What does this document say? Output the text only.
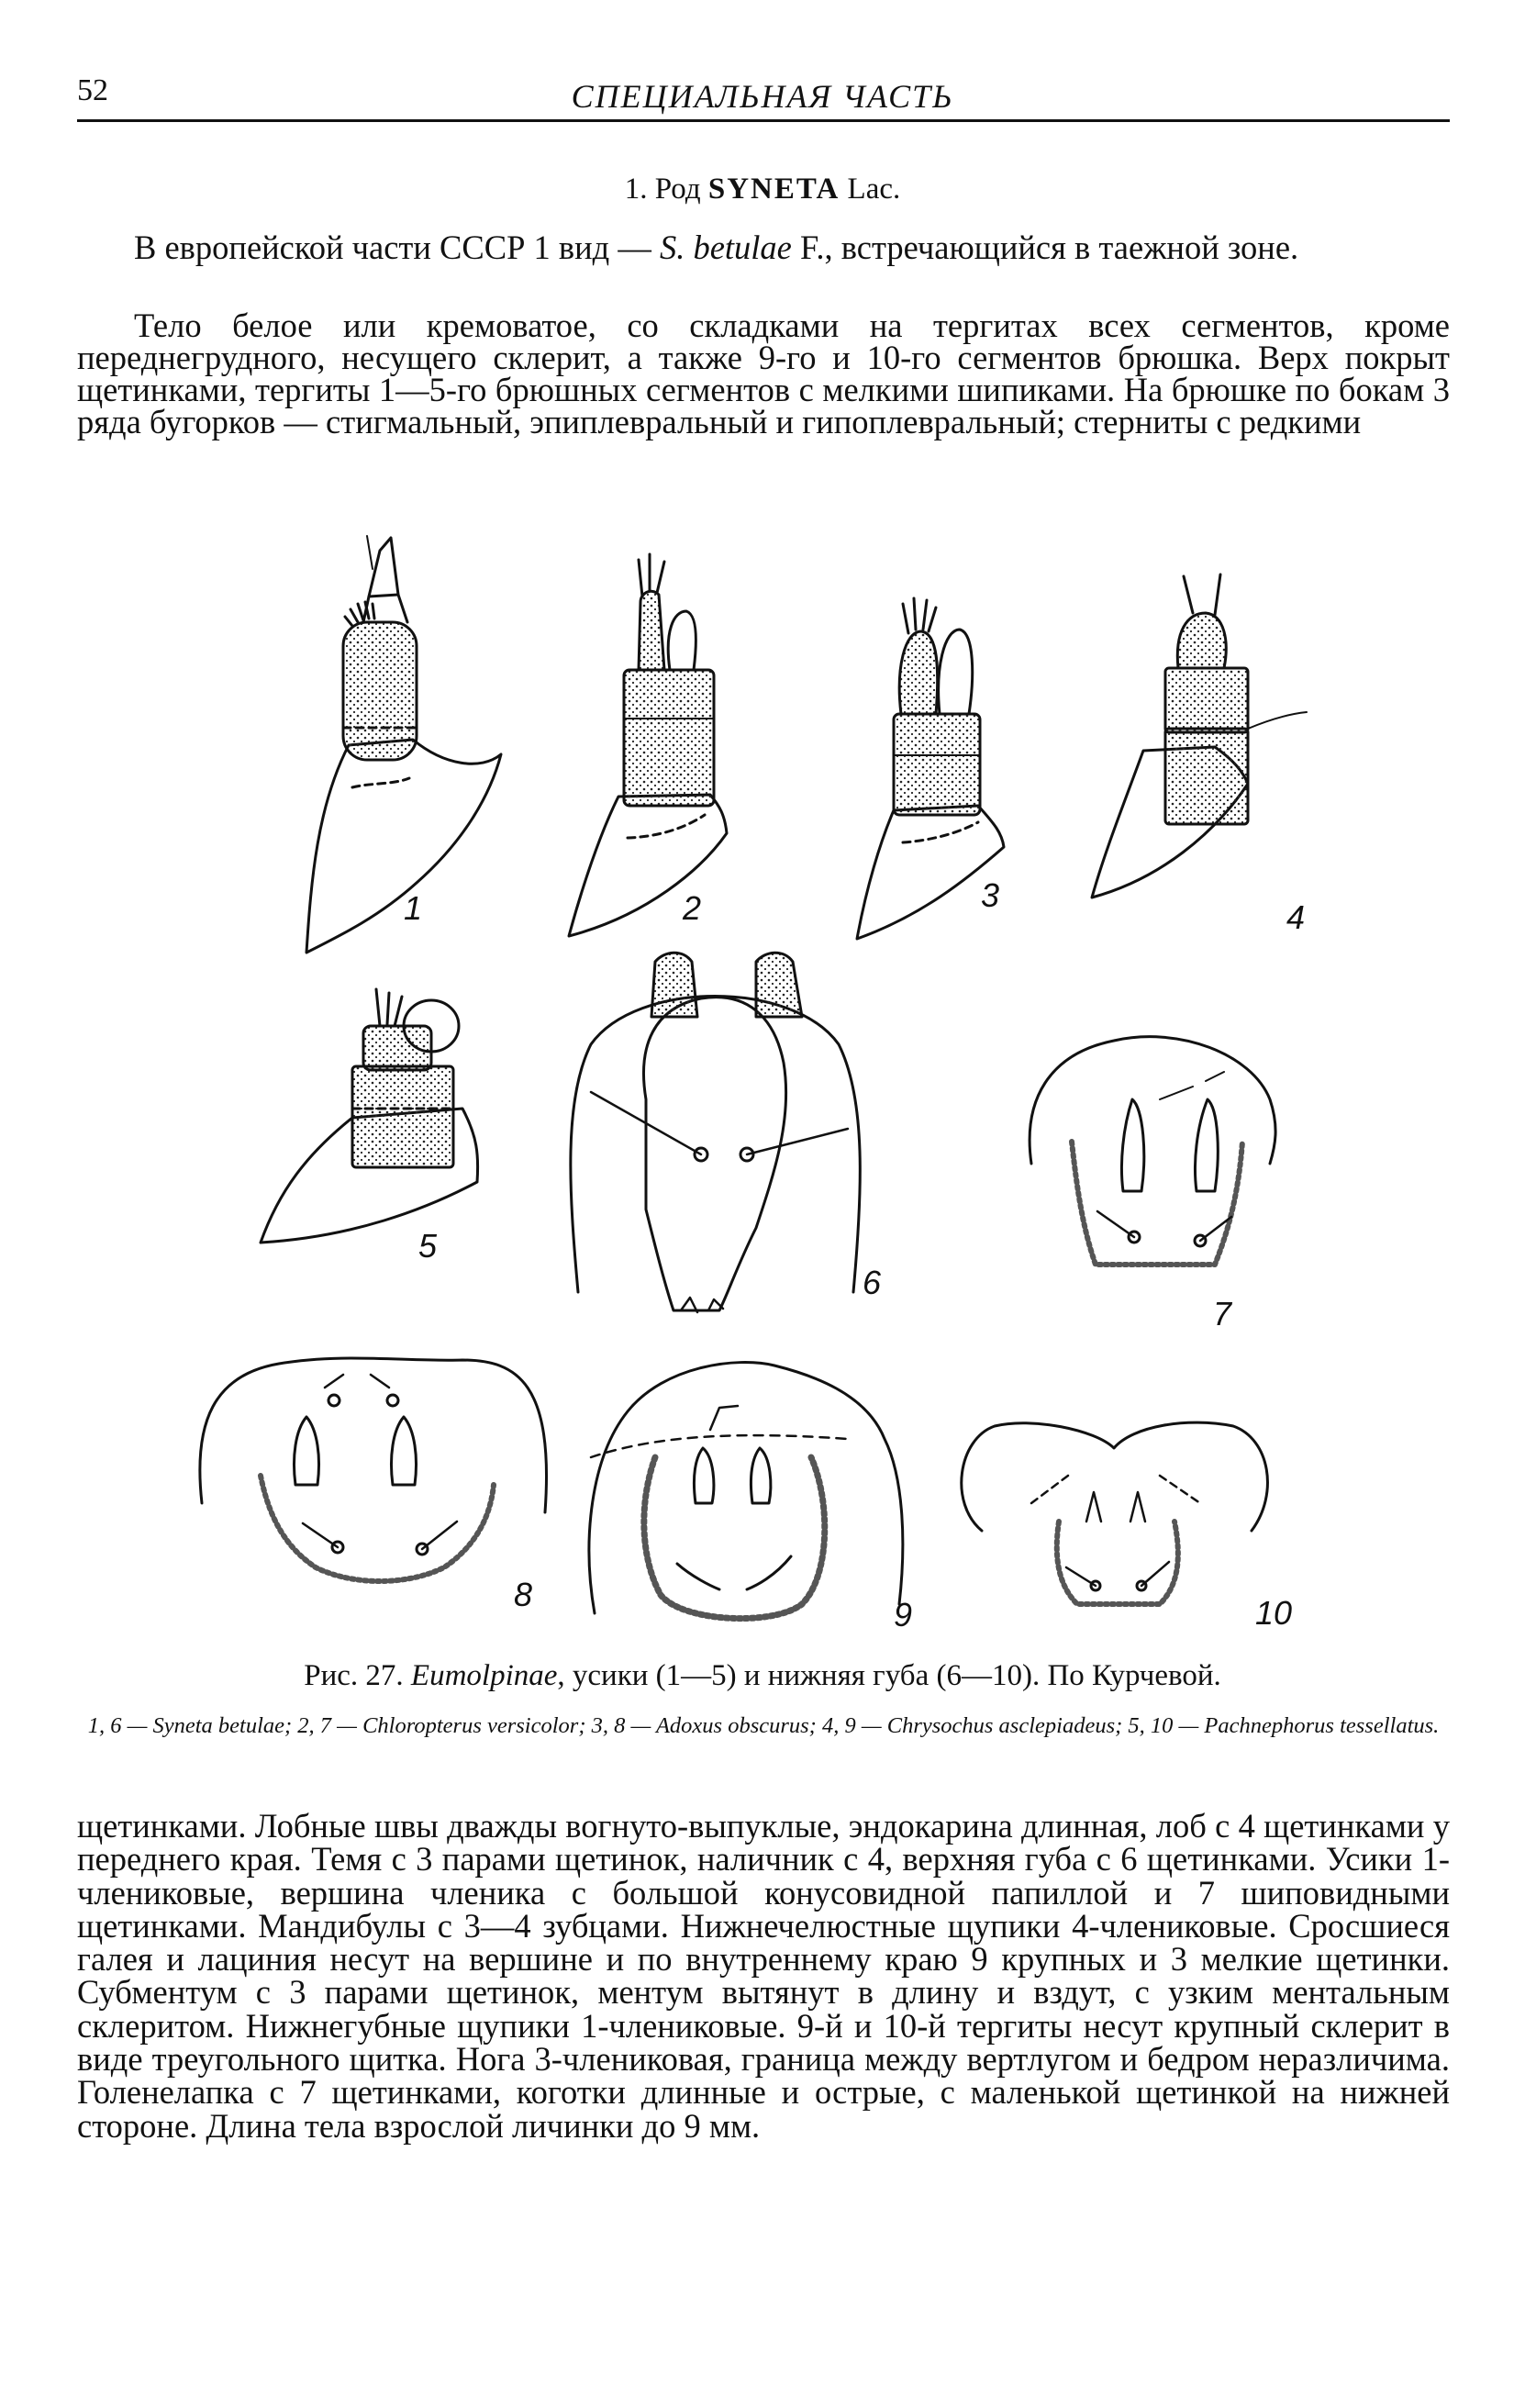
52	СПЕЦИАЛЬНАЯ ЧАСТЬ
1. Род SYNETA Lac.

В европейской части СССР 1 вид — S. betulae F., встречающийся в таежной зоне.

Тело белое или кремоватое, со складками на тергитах всех сегментов, кроме переднегрудного, несущего склерит, а также 9-го и 10-го сегментов брюшка. Верх покрыт щетинками, тергиты 1—5-го брюшных сегментов с мелкими шипиками. На брюшке по бокам 3 ряда бугорков — стигмальный, эпиплевральный и гипоплевральный; стерниты с редкими

1	2	3
4
5
6
7
8
9	10

Рис. 27. Eumolpinae, усики (1—5) и нижняя губа (6—10). По Курчевой.

1, 6 — Syneta betulae; 2, 7 — Chloropterus versicolor; 3, 8 — Adoxus obscurus; 4, 9 — Chrysochus asclepiadeus; 5, 10 — Pachnephorus tessellatus.

щетинками. Лобные швы дважды вогнуто-выпуклые, эндокарина длинная, лоб с 4 щетинками у переднего края. Темя с 3 парами щетинок, наличник с 4, верхняя губа с 6 щетинками. Усики 1-члениковые, вершина членика с большой конусовидной папиллой и 7 шиповидными щетинками. Мандибулы с 3—4 зубцами. Нижнечелюстные щупики 4-члениковые. Сросшиеся галея и лациния несут на вершине и по внутреннему краю 9 крупных и 3 мелкие щетинки. Субментум с 3 парами щетинок, ментум вытянут в длину и вздут, с узким ментальным склеритом. Нижнегубные щупики 1-члениковые. 9-й и 10-й тергиты несут крупный склерит в виде треугольного щитка. Нога 3-члениковая, граница между вертлугом и бедром неразличима. Голенелапка с 7 щетинками, коготки длинные и острые, с маленькой щетинкой на нижней стороне. Длина тела взрослой личинки до 9 мм.
